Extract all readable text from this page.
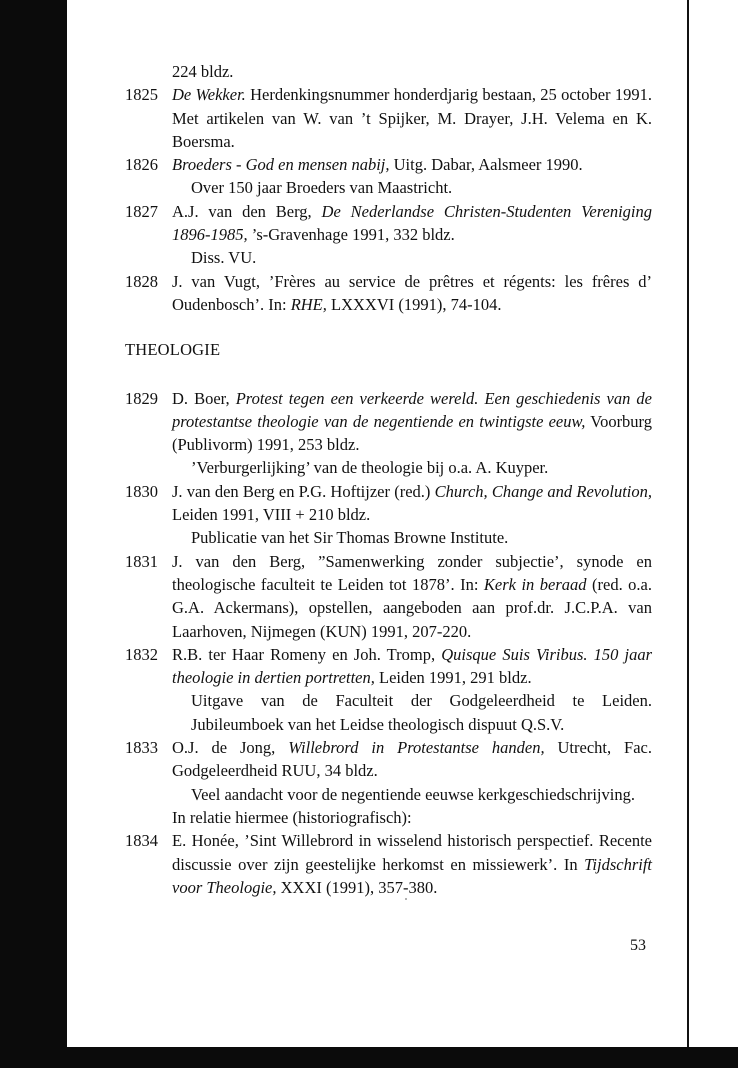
224 bldz.
1825 De Wekker. Herdenkingsnummer honderdjarig bestaan, 25 october 1991. Met artikelen van W. van ’t Spijker, M. Drayer, J.H. Velema en K. Boersma.
1826 Broeders - God en mensen nabij, Uitg. Dabar, Aalsmeer 1990.
Over 150 jaar Broeders van Maastricht.
1827 A.J. van den Berg, De Nederlandse Christen-Studenten Vereniging 1896-1985, ’s-Gravenhage 1991, 332 bldz.
Diss. VU.
1828 J. van Vugt, ’Frères au service de prêtres et régents: les frêres d’ Oudenbosch’. In: RHE, LXXXVI (1991), 74-104.
THEOLOGIE
1829 D. Boer, Protest tegen een verkeerde wereld. Een geschiedenis van de protestantse theologie van de negentiende en twintigste eeuw, Voorburg (Publivorm) 1991, 253 bldz.
’Verburgerlijking’ van de theologie bij o.a. A. Kuyper.
1830 J. van den Berg en P.G. Hoftijzer (red.) Church, Change and Revolution, Leiden 1991, VIII + 210 bldz.
Publicatie van het Sir Thomas Browne Institute.
1831 J. van den Berg, ”Samenwerking zonder subjectie’, synode en theologische faculteit te Leiden tot 1878’. In: Kerk in beraad (red. o.a. G.A. Ackermans), opstellen, aangeboden aan prof.dr. J.C.P.A. van Laarhoven, Nijmegen (KUN) 1991, 207-220.
1832 R.B. ter Haar Romeny en Joh. Tromp, Quisque Suis Viribus. 150 jaar theologie in dertien portretten, Leiden 1991, 291 bldz.
Uitgave van de Faculteit der Godgeleerdheid te Leiden. Jubileumboek van het Leidse theologisch dispuut Q.S.V.
1833 O.J. de Jong, Willebrord in Protestantse handen, Utrecht, Fac. Godgeleerdheid RUU, 34 bldz.
Veel aandacht voor de negentiende eeuwse kerkgeschiedschrijving.
In relatie hiermee (historiografisch):
1834 E. Honée, ’Sint Willebrord in wisselend historisch perspectief. Recente discussie over zijn geestelijke herkomst en missiewerk’. In Tijdschrift voor Theologie, XXXI (1991), 357-380.
53
